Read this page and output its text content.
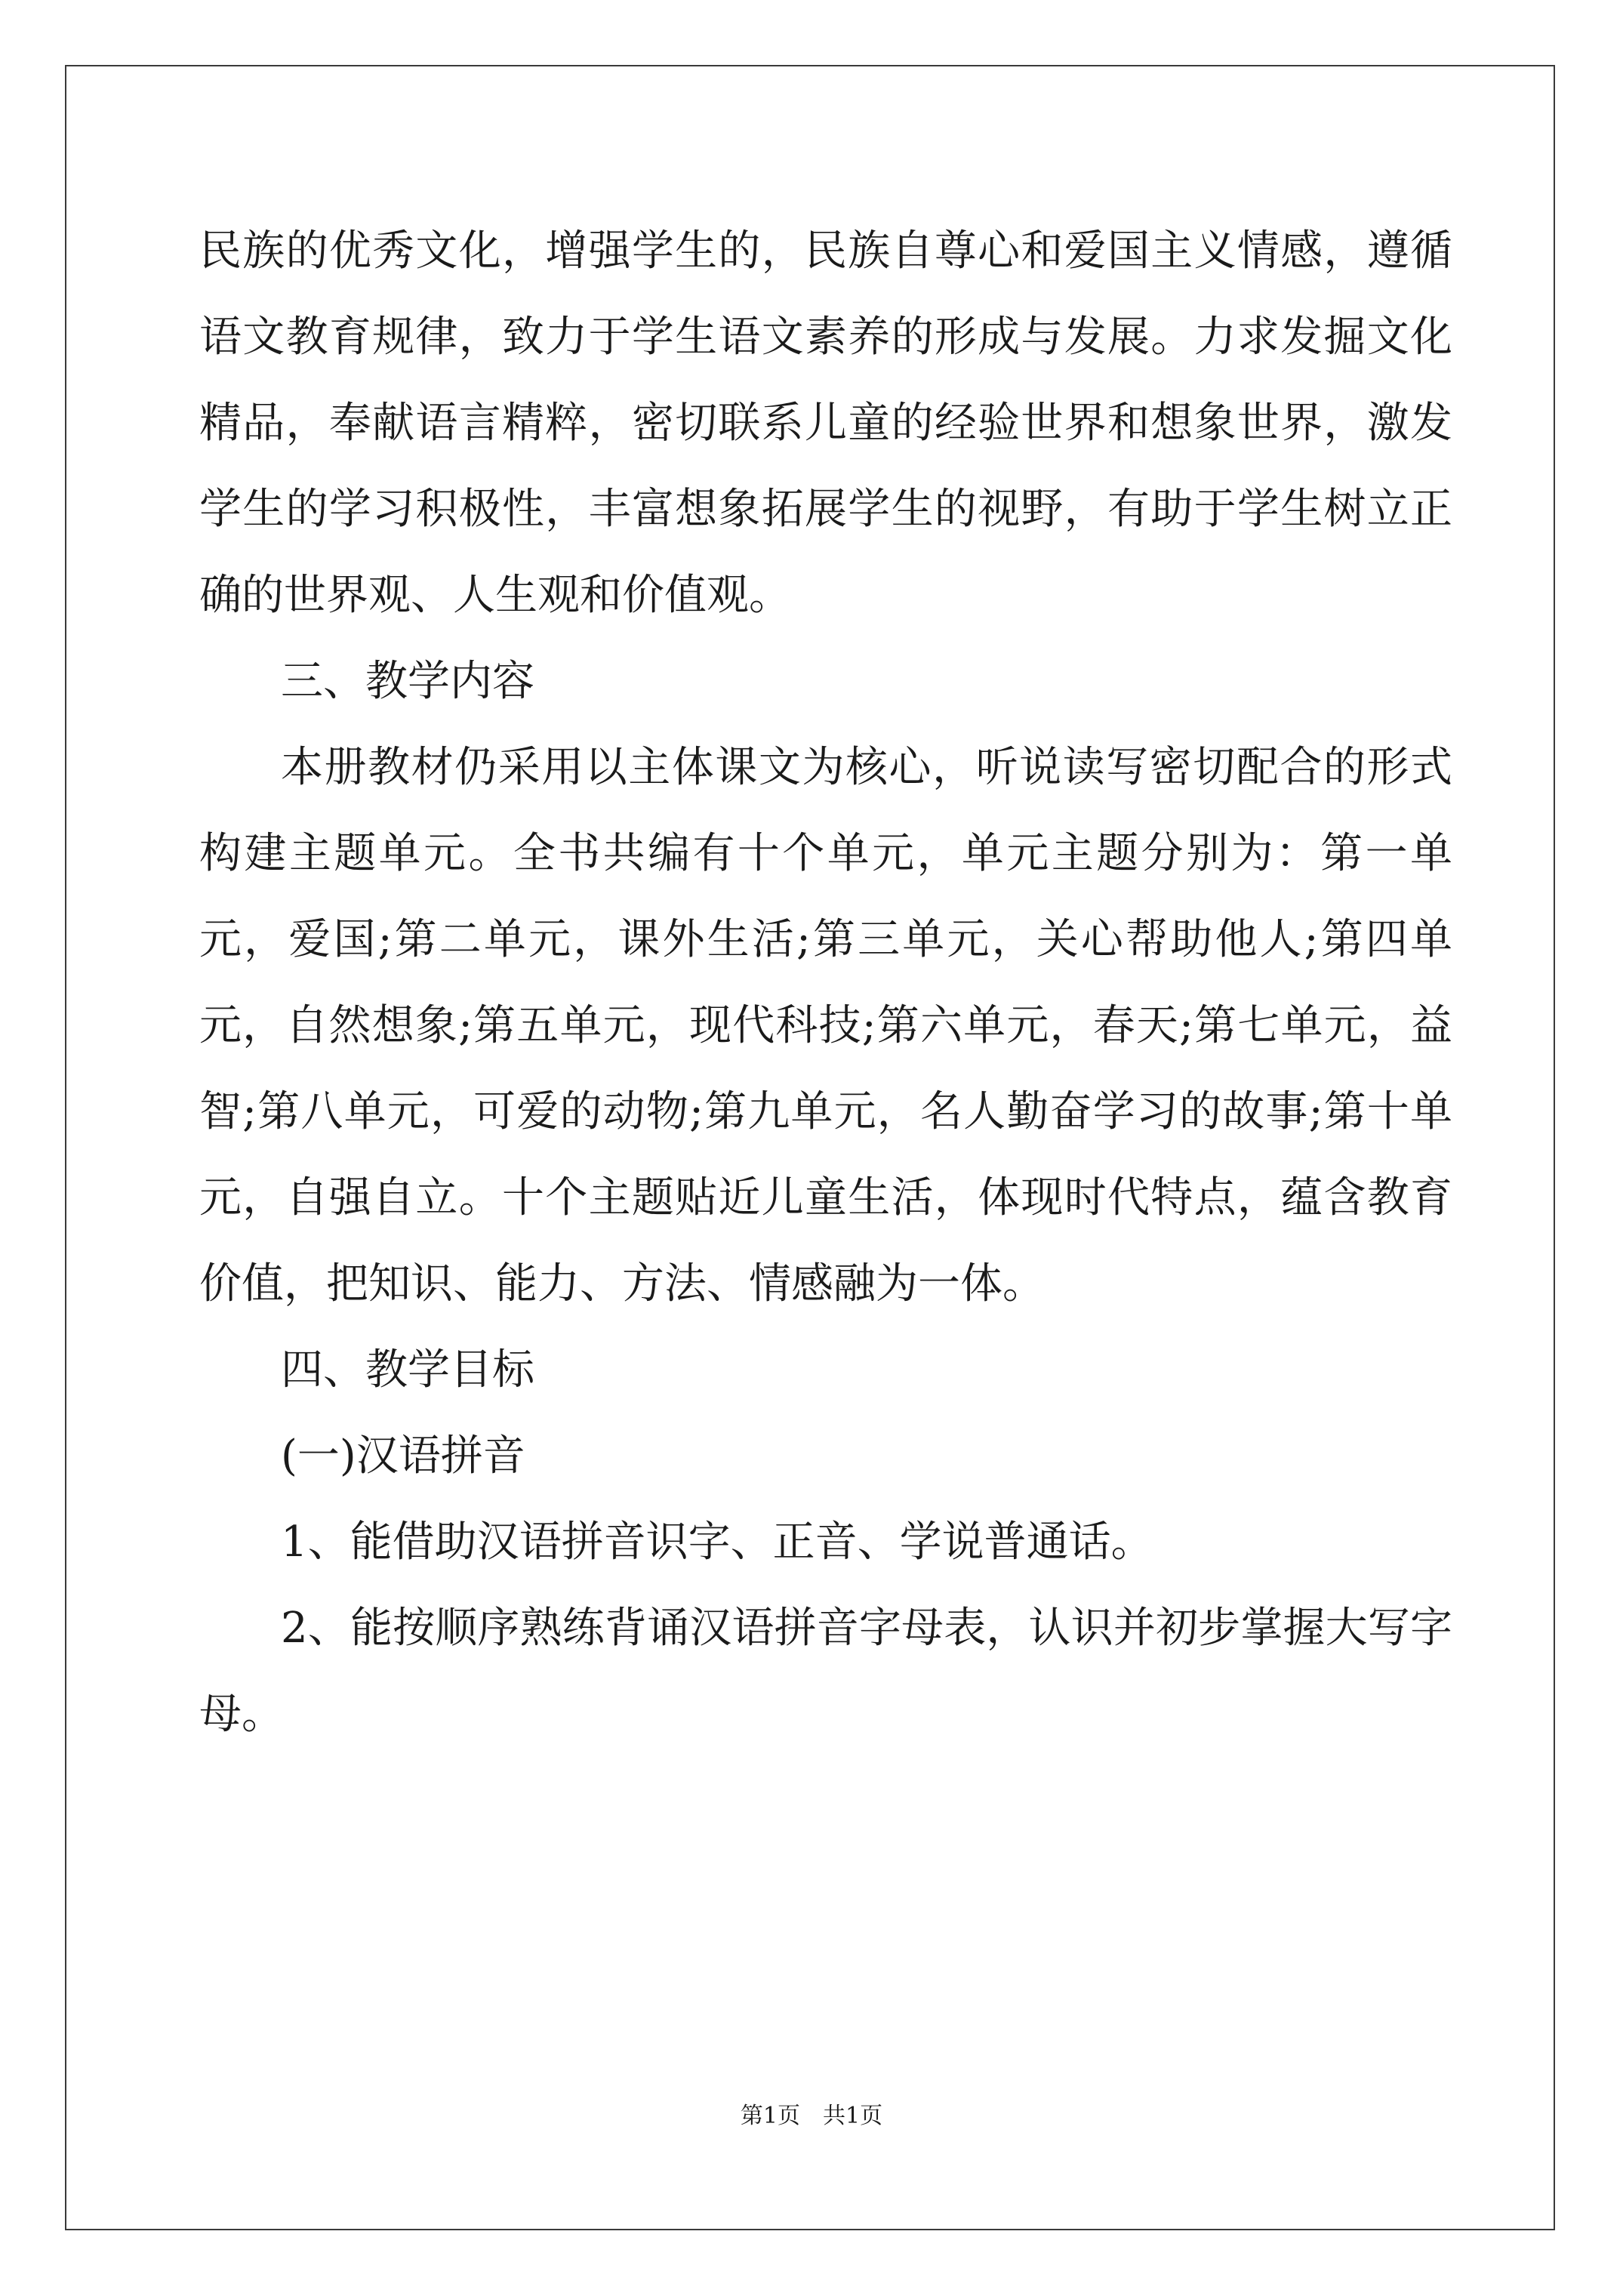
民族的优秀文化，增强学生的，民族自尊心和爱国主义情感，遵循语文教育规律，致力于学生语文素养的形成与发展。力求发掘文化精品，奉献语言精粹，密切联系儿童的经验世界和想象世界，激发学生的学习积极性，丰富想象拓展学生的视野，有助于学生树立正确的世界观、人生观和价值观。

三、教学内容

本册教材仍采用以主体课文为核心，听说读写密切配合的形式构建主题单元。全书共编有十个单元，单元主题分别为：第一单元，爱国;第二单元，课外生活;第三单元，关心帮助他人;第四单元，自然想象;第五单元，现代科技;第六单元，春天;第七单元，益智;第八单元，可爱的动物;第九单元，名人勤奋学习的故事;第十单元，自强自立。十个主题贴近儿童生活，体现时代特点，蕴含教育价值，把知识、能力、方法、情感融为一体。

四、教学目标

(一)汉语拼音

1、能借助汉语拼音识字、正音、学说普通话。

2、能按顺序熟练背诵汉语拼音字母表，认识并初步掌握大写字母。

第1页 共1页
